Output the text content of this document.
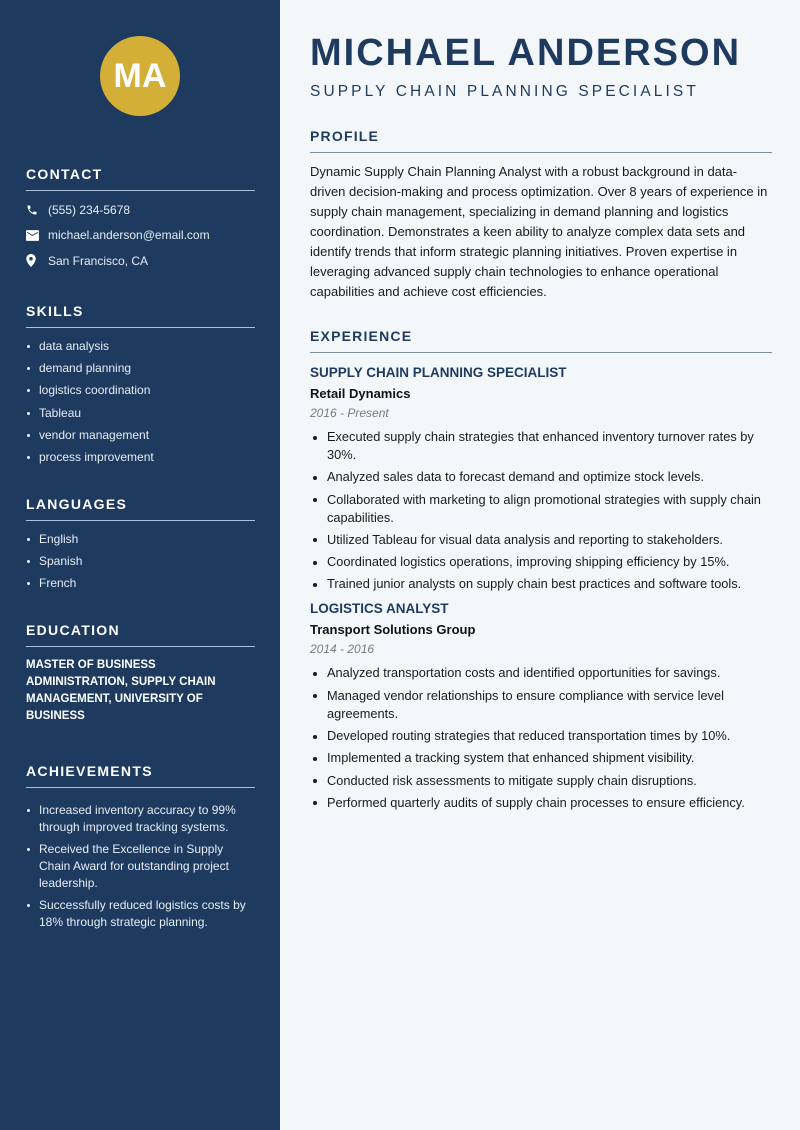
MA
CONTACT
(555) 234-5678
michael.anderson@email.com
San Francisco, CA
SKILLS
data analysis
demand planning
logistics coordination
Tableau
vendor management
process improvement
LANGUAGES
English
Spanish
French
EDUCATION
MASTER OF BUSINESS ADMINISTRATION, SUPPLY CHAIN MANAGEMENT, UNIVERSITY OF BUSINESS
ACHIEVEMENTS
Increased inventory accuracy to 99% through improved tracking systems.
Received the Excellence in Supply Chain Award for outstanding project leadership.
Successfully reduced logistics costs by 18% through strategic planning.
MICHAEL ANDERSON
SUPPLY CHAIN PLANNING SPECIALIST
PROFILE

Dynamic Supply Chain Planning Analyst with a robust background in data-driven decision-making and process optimization. Over 8 years of experience in supply chain management, specializing in demand planning and logistics coordination. Demonstrates a keen ability to analyze complex data sets and identify trends that inform strategic planning initiatives. Proven expertise in leveraging advanced supply chain technologies to enhance operational capabilities and achieve cost efficiencies.

EXPERIENCE
SUPPLY CHAIN PLANNING SPECIALIST
Retail Dynamics
2016 - Present
Executed supply chain strategies that enhanced inventory turnover rates by 30%.
Analyzed sales data to forecast demand and optimize stock levels.
Collaborated with marketing to align promotional strategies with supply chain capabilities.
Utilized Tableau for visual data analysis and reporting to stakeholders.
Coordinated logistics operations, improving shipping efficiency by 15%.
Trained junior analysts on supply chain best practices and software tools.
LOGISTICS ANALYST
Transport Solutions Group
2014 - 2016
Analyzed transportation costs and identified opportunities for savings.
Managed vendor relationships to ensure compliance with service level agreements.
Developed routing strategies that reduced transportation times by 10%.
Implemented a tracking system that enhanced shipment visibility.
Conducted risk assessments to mitigate supply chain disruptions.
Performed quarterly audits of supply chain processes to ensure efficiency.
